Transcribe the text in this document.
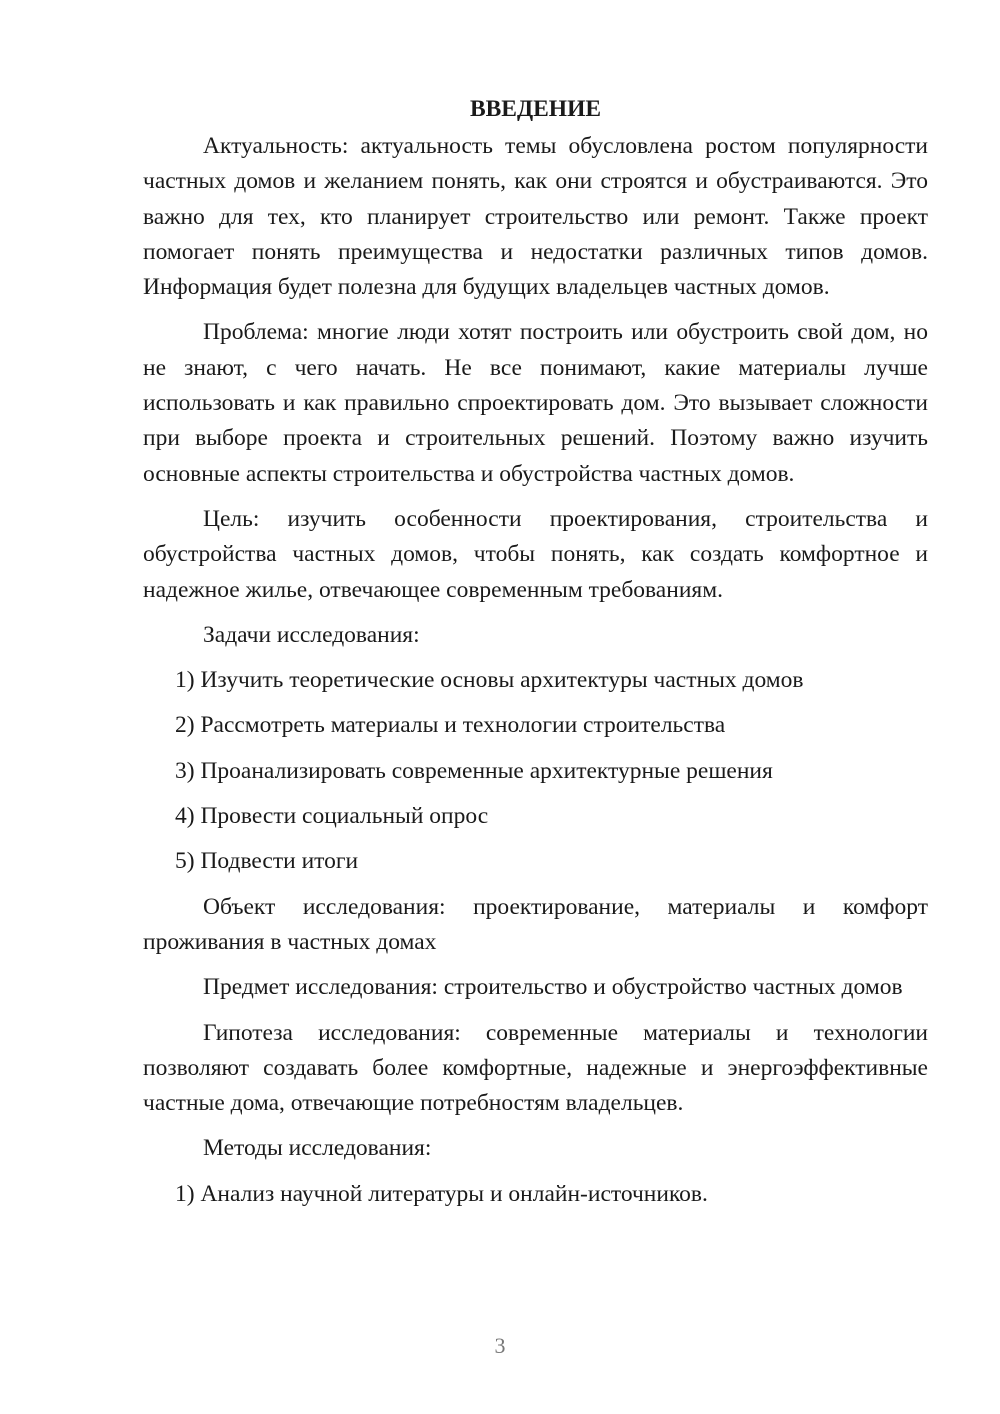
ВВЕДЕНИЕ

Актуальность: актуальность темы обусловлена ростом популярности частных домов и желанием понять, как они строятся и обустраиваются. Это важно для тех, кто планирует строительство или ремонт. Также проект помогает понять преимущества и недостатки различных типов домов. Информация будет полезна для будущих владельцев частных домов.

Проблема: многие люди хотят построить или обустроить свой дом, но не знают, с чего начать. Не все понимают, какие материалы лучше использовать и как правильно спроектировать дом. Это вызывает сложности при выборе проекта и строительных решений. Поэтому важно изучить основные аспекты строительства и обустройства частных домов.

Цель: изучить особенности проектирования, строительства и обустройства частных домов, чтобы понять, как создать комфортное и надежное жилье, отвечающее современным требованиям.

Задачи исследования:

1) Изучить теоретические основы архитектуры частных домов

2) Рассмотреть материалы и технологии строительства

3) Проанализировать современные архитектурные решения

4) Провести социальный опрос

5) Подвести итоги

Объект исследования: проектирование, материалы и комфорт проживания в частных домах

Предмет исследования: строительство и обустройство частных домов

Гипотеза исследования: современные материалы и технологии позволяют создавать более комфортные, надежные и энергоэффективные частные дома, отвечающие потребностям владельцев.

Методы исследования:

1) Анализ научной литературы и онлайн-источников.

3
